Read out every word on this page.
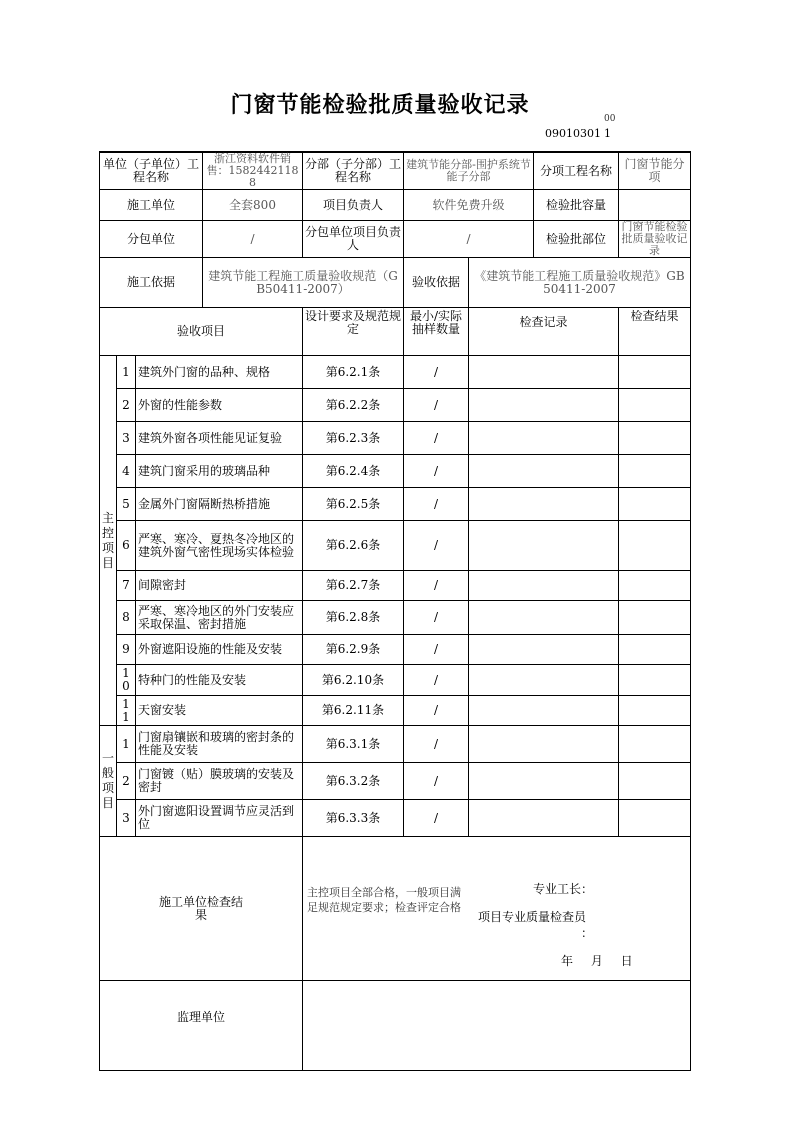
门窗节能检验批质量验收记录
00
09010301 1
单位（子单位）工程名称			浙江资料软件销售：15824421188	分部（子分部）工程名称	建筑节能分部-围护系统节能子分部		分项工程名称	门窗节能分项
施工单位			全套800	项目负责人	软件免费升级		检验批容量	
分包单位			/	分包单位项目负责人	/		检验批部位	门窗节能检验批质量验收记录
施工依据			建筑节能工程施工质量验收规范（GB50411-2007）		验收依据	《建筑节能工程施工质量验收规范》GB50411-2007		
验收项目				设计要求及规范规定	最小/实际抽样数量	检查记录		检查结果
主控项目	1	建筑外门窗的品种、规格		第6.2.1条	/			
	2	外窗的性能参数		第6.2.2条	/			
	3	建筑外窗各项性能见证复验		第6.2.3条	/			
	4	建筑门窗采用的玻璃品种		第6.2.4条	/			
	5	金属外门窗隔断热桥措施		第6.2.5条	/			
	6	严寒、寒冷、夏热冬冷地区的建筑外窗气密性现场实体检验		第6.2.6条	/			
	7	间隙密封		第6.2.7条	/			
	8	严寒、寒冷地区的外门安装应采取保温、密封措施		第6.2.8条	/			
	9	外窗遮阳设施的性能及安装		第6.2.9条	/			
	10	特种门的性能及安装		第6.2.10条	/			
	11	天窗安装		第6.2.11条	/			
一般项目	1	门窗扇镶嵌和玻璃的密封条的性能及安装		第6.3.1条	/			
	2	门窗镀（贴）膜玻璃的安装及密封		第6.3.2条	/			
	3	外门窗遮阳设置调节应灵活到位		第6.3.3条	/			
施工单位检查结果				主控项目全部合格，一般项目满足规范规定要求；检查评定合格
专业工长：
项目专业质量检查员
：
年 月 日				

监理单位								
